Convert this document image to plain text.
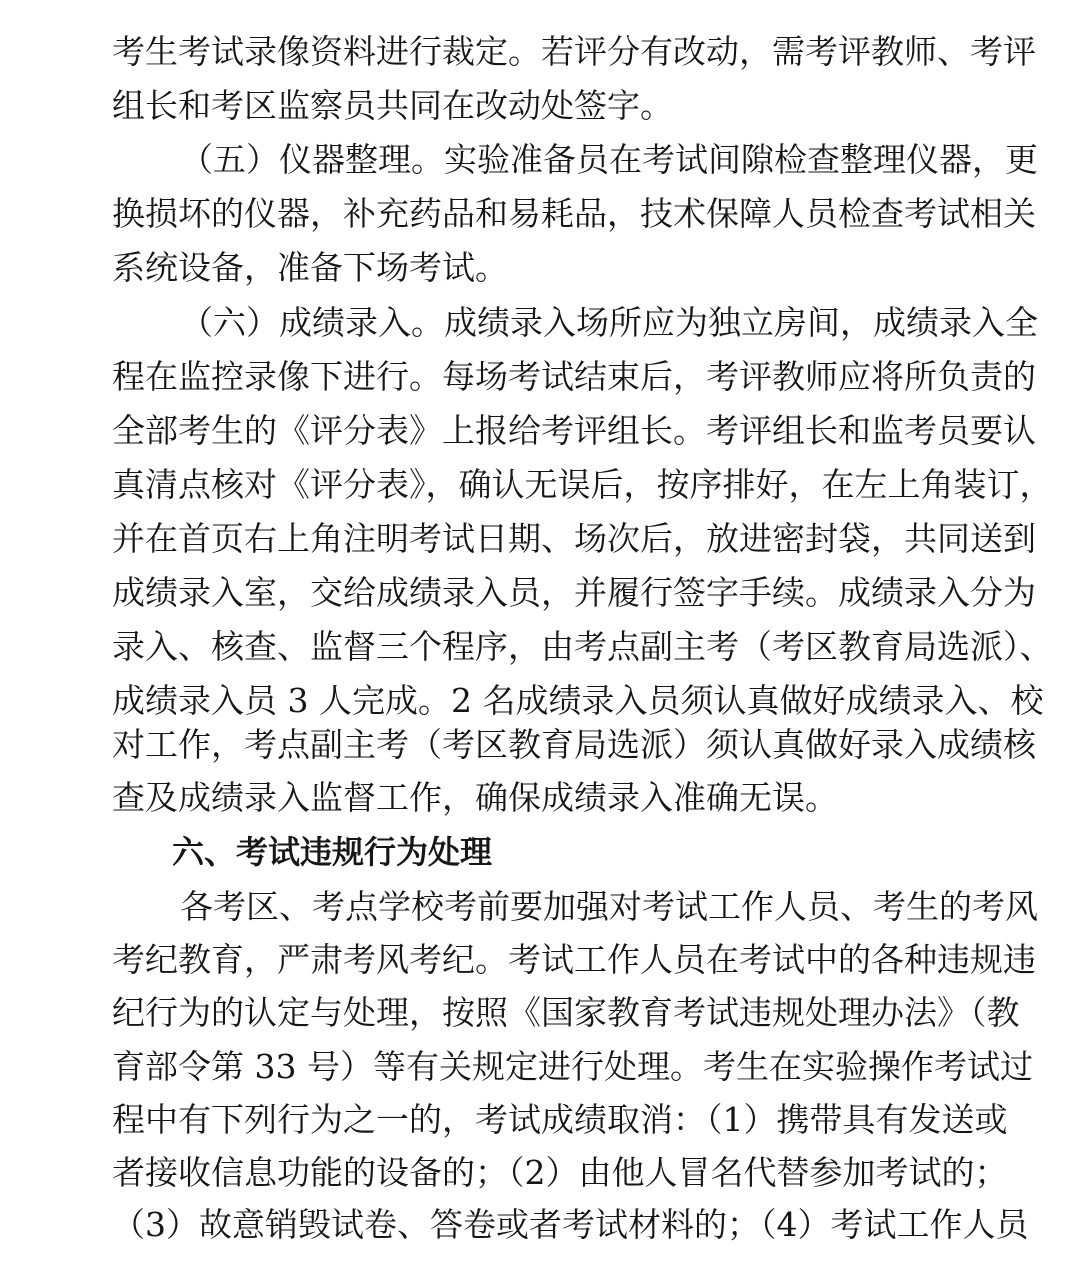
考生考试录像资料进行裁定。若评分有改动，需考评教师、考评
组长和考区监察员共同在改动处签字。
（五）仪器整理。实验准备员在考试间隙检查整理仪器，更
换损坏的仪器，补充药品和易耗品，技术保障人员检查考试相关
系统设备，准备下场考试。
（六）成绩录入。成绩录入场所应为独立房间，成绩录入全
程在监控录像下进行。每场考试结束后，考评教师应将所负责的
全部考生的《评分表》上报给考评组长。考评组长和监考员要认
真清点核对《评分表》，确认无误后，按序排好，在左上角装订，
并在首页右上角注明考试日期、场次后，放进密封袋，共同送到
成绩录入室，交给成绩录入员，并履行签字手续。成绩录入分为
录入、核查、监督三个程序，由考点副主考（考区教育局选派）、
成绩录入员 3 人完成。2 名成绩录入员须认真做好成绩录入、校
对工作，考点副主考（考区教育局选派）须认真做好录入成绩核
查及成绩录入监督工作，确保成绩录入准确无误。
六、考试违规行为处理
各考区、考点学校考前要加强对考试工作人员、考生的考风
考纪教育，严肃考风考纪。考试工作人员在考试中的各种违规违
纪行为的认定与处理，按照《国家教育考试违规处理办法》（教
育部令第 33 号）等有关规定进行处理。考生在实验操作考试过
程中有下列行为之一的，考试成绩取消：（1）携带具有发送或
者接收信息功能的设备的；（2）由他人冒名代替参加考试的；
（3）故意销毁试卷、答卷或者考试材料的；（4）考试工作人员
